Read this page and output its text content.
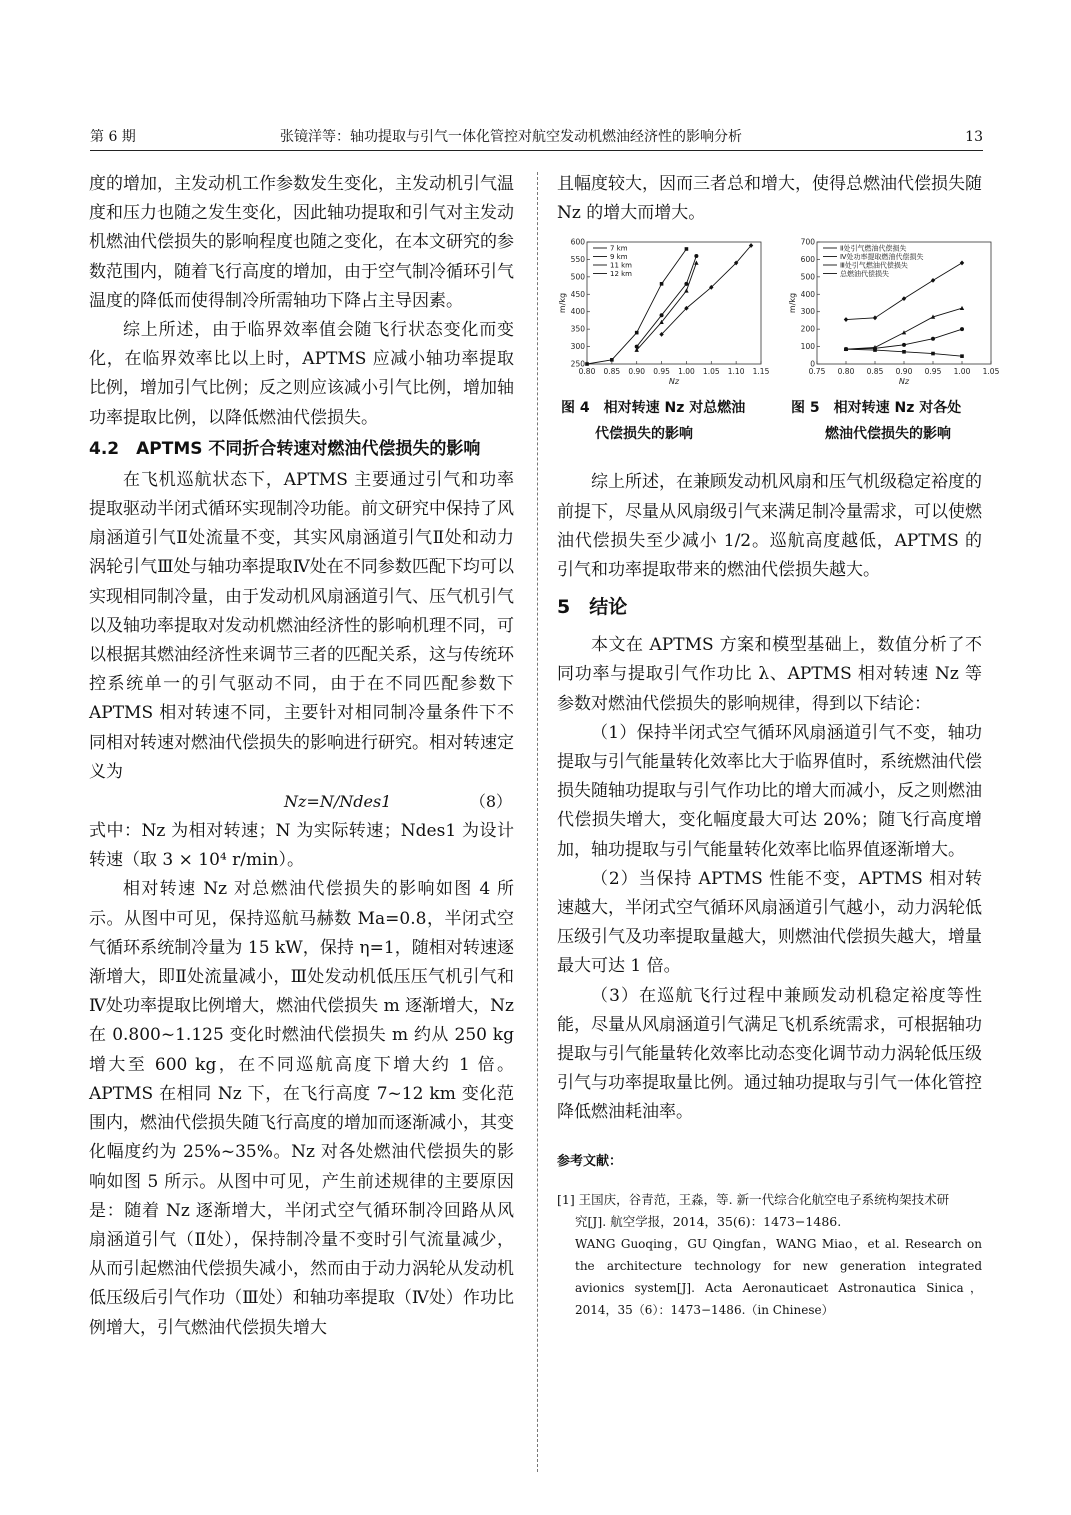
第 6 期	张镜洋等：轴功提取与引气一体化管控对航空发动机燃油经济性的影响分析	13

度的增加，主发动机工作参数发生变化，主发动机引气温度和压力也随之发生变化，因此轴功提取和引气对主发动机燃油代偿损失的影响程度也随之变化，在本文研究的参数范围内，随着飞行高度的增加，由于空气制冷循环引气温度的降低而使得制冷所需轴功下降占主导因素。

综上所述，由于临界效率值会随飞行状态变化而变化，在临界效率比以上时，APTMS 应减小轴功率提取比例，增加引气比例；反之则应该减小引气比例，增加轴功率提取比例，以降低燃油代偿损失。

4.2　APTMS 不同折合转速对燃油代偿损失的影响

在飞机巡航状态下，APTMS 主要通过引气和功率提取驱动半闭式循环实现制冷功能。前文研究中保持了风扇涵道引气Ⅱ处流量不变，其实风扇涵道引气Ⅱ处和动力涡轮引气Ⅲ处与轴功率提取Ⅳ处在不同参数匹配下均可以实现相同制冷量，由于发动机风扇涵道引气、压气机引气以及轴功率提取对发动机燃油经济性的影响机理不同，可以根据其燃油经济性来调节三者的匹配关系，这与传统环控系统单一的引气驱动不同，由于在不同匹配参数下 APTMS 相对转速不同，主要针对相同制冷量条件下不同相对转速对燃油代偿损失的影响进行研究。相对转速定义为

Nz=N/Ndes1	（8）

式中：Nz 为相对转速；N 为实际转速；Ndes1 为设计转速（取 3 × 10⁴ r/min）。

相对转速 Nz 对总燃油代偿损失的影响如图 4 所示。从图中可见，保持巡航马赫数 Ma=0.8，半闭式空气循环系统制冷量为 15 kW，保持 η=1，随相对转速逐渐增大，即Ⅱ处流量减小，Ⅲ处发动机低压压气机引气和Ⅳ处功率提取比例增大，燃油代偿损失 m 逐渐增大，Nz 在 0.800~1.125 变化时燃油代偿损失 m 约从 250 kg 增大至 600 kg，在不同巡航高度下增大约 1 倍。APTMS 在相同 Nz 下，在飞行高度 7~12 km 变化范围内，燃油代偿损失随飞行高度的增加而逐渐减小，其变化幅度约为 25%~35%。Nz 对各处燃油代偿损失的影响如图 5 所示。从图中可见，产生前述规律的主要原因是：随着 Nz 逐渐增大，半闭式空气循环制冷回路从风扇涵道引气（Ⅱ处），保持制冷量不变时引气流量减少，从而引起燃油代偿损失减小，然而由于动力涡轮从发动机低压级后引气作功（Ⅲ处）和轴功率提取（Ⅳ处）作功比例增大，引气燃油代偿损失增大

且幅度较大，因而三者总和增大，使得总燃油代偿损失随 Nz 的增大而增大。

0.80 0.85 0.90 0.95 1.00 1.05 1.10 1.15
250
300
350
400
450
500
550
600
Nz
m/kg
7 km
9 km
11 km
12 km
图 4　相对转速 Nz 对总燃油
代偿损失的影响
0.75 0.80 0.85 0.90 0.95 1.00 1.05
0
100
200
300
400
500
600
700
Nz
m/kg
Ⅱ处引气燃油代偿损失
Ⅳ处功率提取燃油代偿损失
Ⅲ处引气燃油代偿损失
总燃油代偿损失
图 5　相对转速 Nz 对各处
燃油代偿损失的影响

综上所述，在兼顾发动机风扇和压气机级稳定裕度的前提下，尽量从风扇级引气来满足制冷量需求，可以使燃油代偿损失至少减小 1/2。巡航高度越低，APTMS 的引气和功率提取带来的燃油代偿损失越大。

5　结论

本文在 APTMS 方案和模型基础上，数值分析了不同功率与提取引气作功比 λ、APTMS 相对转速 Nz 等参数对燃油代偿损失的影响规律，得到以下结论：

（1）保持半闭式空气循环风扇涵道引气不变，轴功提取与引气能量转化效率比大于临界值时，系统燃油代偿损失随轴功提取与引气作功比的增大而减小，反之则燃油代偿损失增大，变化幅度最大可达 20%；随飞行高度增加，轴功提取与引气能量转化效率比临界值逐渐增大。

（2）当保持 APTMS 性能不变，APTMS 相对转速越大，半闭式空气循环风扇涵道引气越小，动力涡轮低压级引气及功率提取量越大，则燃油代偿损失越大，增量最大可达 1 倍。

（3）在巡航飞行过程中兼顾发动机稳定裕度等性能，尽量从风扇涵道引气满足飞机系统需求，可根据轴功提取与引气能量转化效率比动态变化调节动力涡轮低压级引气与功率提取量比例。通过轴功提取与引气一体化管控降低燃油耗油率。

参考文献：
[1] 王国庆，谷青范，王淼，等. 新一代综合化航空电子系统构架技术研
究[J]. 航空学报，2014，35(6)：1473−1486.
WANG Guoqing，GU Qingfan，WANG Miao，et al. Research on the architecture technology for new generation integrated avionics system[J]. Acta Aeronauticaet Astronautica Sinica，2014，35（6）：1473−1486.（in Chinese）
